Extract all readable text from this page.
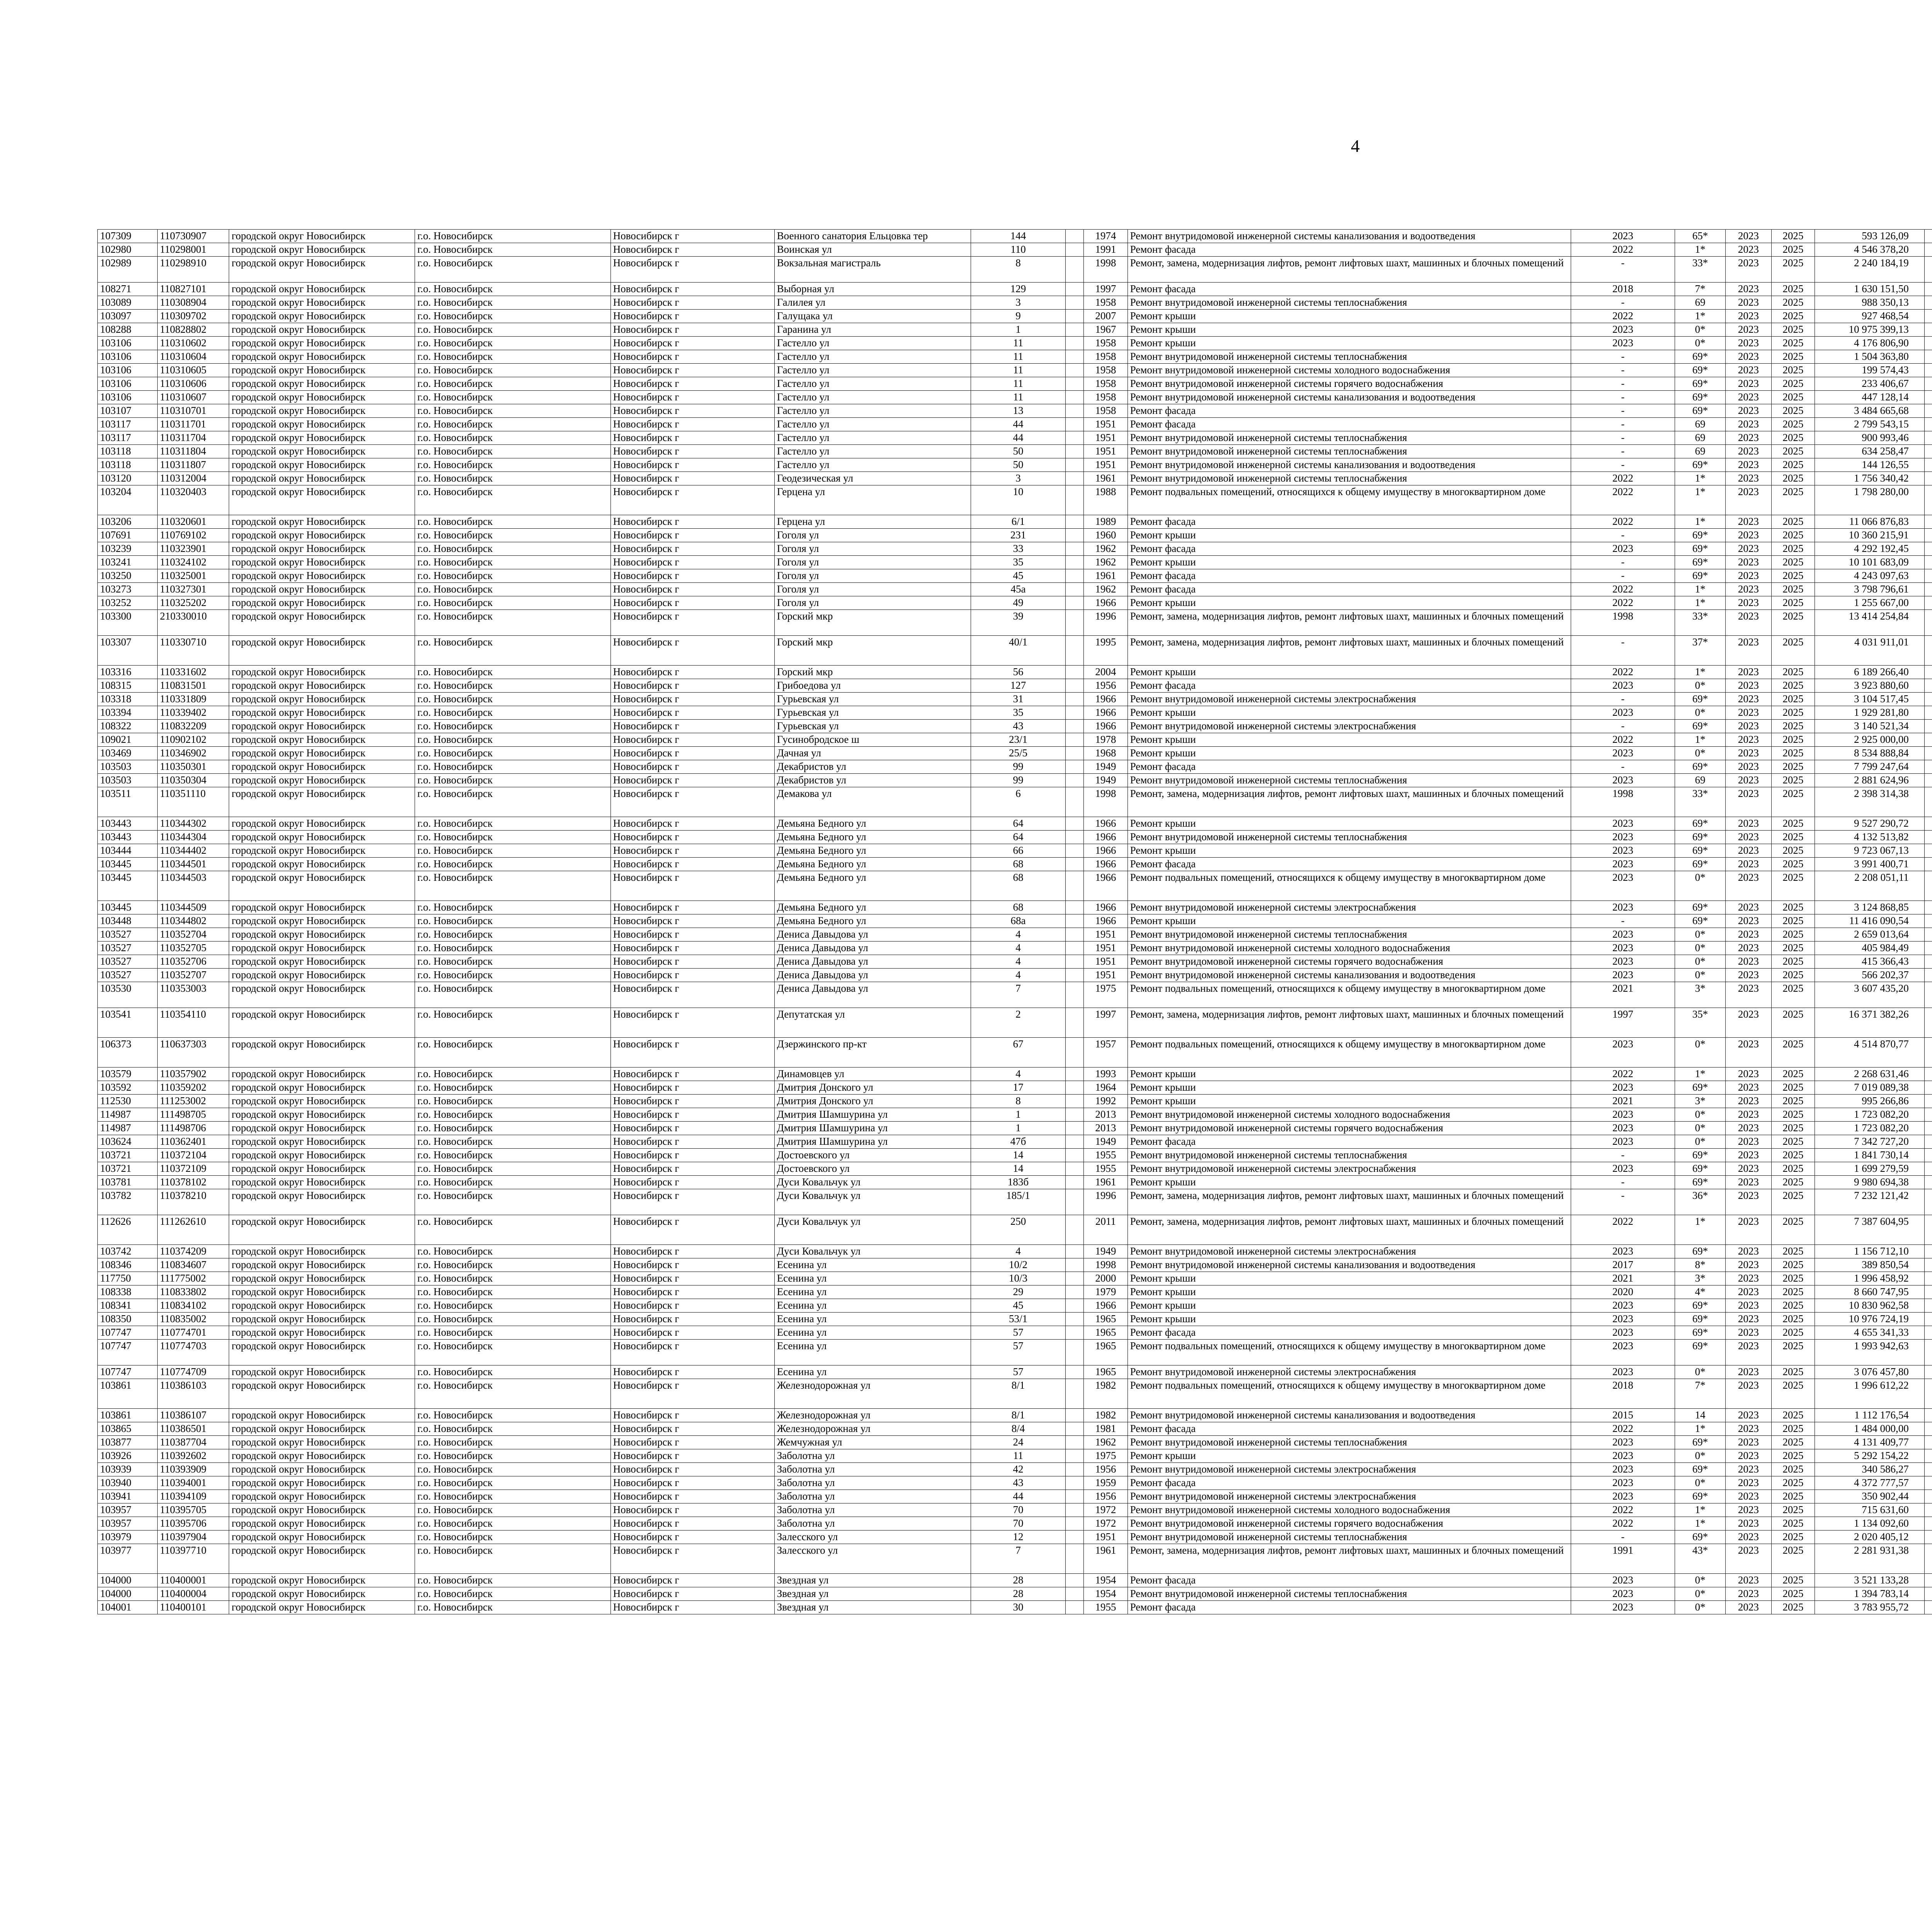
4
107309	110730907	городской округ Новосибирск	г.о. Новосибирск	Новосибирск г	Военного санатория Ельцовка тер	144		1974	Ремонт внутридомовой инженерной системы канализования и водоотведения	2023	65*	2023	2025	593 126,09					
102980	110298001	городской округ Новосибирск	г.о. Новосибирск	Новосибирск г	Воинская ул	110		1991	Ремонт фасада	2022	1*	2023	2025	4 546 378,20					
102989	110298910	городской округ Новосибирск	г.о. Новосибирск	Новосибирск г	Вокзальная магистраль	8		1998	Ремонт, замена, модернизация лифтов, ремонт лифтовых шахт, машинных и блочных помещений	-	33*	2023	2025	2 240 184,19					
108271	110827101	городской округ Новосибирск	г.о. Новосибирск	Новосибирск г	Выборная ул	129		1997	Ремонт фасада	2018	7*	2023	2025	1 630 151,50					
103089	110308904	городской округ Новосибирск	г.о. Новосибирск	Новосибирск г	Галилея ул	3		1958	Ремонт внутридомовой инженерной системы теплоснабжения	-	69	2023	2025	988 350,13					
103097	110309702	городской округ Новосибирск	г.о. Новосибирск	Новосибирск г	Галущака ул	9		2007	Ремонт крыши	2022	1*	2023	2025	927 468,54					
108288	110828802	городской округ Новосибирск	г.о. Новосибирск	Новосибирск г	Гаранина ул	1		1967	Ремонт крыши	2023	0*	2023	2025	10 975 399,13					
103106	110310602	городской округ Новосибирск	г.о. Новосибирск	Новосибирск г	Гастелло ул	11		1958	Ремонт крыши	2023	0*	2023	2025	4 176 806,90					
103106	110310604	городской округ Новосибирск	г.о. Новосибирск	Новосибирск г	Гастелло ул	11		1958	Ремонт внутридомовой инженерной системы теплоснабжения	-	69*	2023	2025	1 504 363,80					
103106	110310605	городской округ Новосибирск	г.о. Новосибирск	Новосибирск г	Гастелло ул	11		1958	Ремонт внутридомовой инженерной системы холодного водоснабжения	-	69*	2023	2025	199 574,43					
103106	110310606	городской округ Новосибирск	г.о. Новосибирск	Новосибирск г	Гастелло ул	11		1958	Ремонт внутридомовой инженерной системы горячего водоснабжения	-	69*	2023	2025	233 406,67					
103106	110310607	городской округ Новосибирск	г.о. Новосибирск	Новосибирск г	Гастелло ул	11		1958	Ремонт внутридомовой инженерной системы канализования и водоотведения	-	69*	2023	2025	447 128,14					
103107	110310701	городской округ Новосибирск	г.о. Новосибирск	Новосибирск г	Гастелло ул	13		1958	Ремонт фасада	-	69*	2023	2025	3 484 665,68					
103117	110311701	городской округ Новосибирск	г.о. Новосибирск	Новосибирск г	Гастелло ул	44		1951	Ремонт фасада	-	69	2023	2025	2 799 543,15					
103117	110311704	городской округ Новосибирск	г.о. Новосибирск	Новосибирск г	Гастелло ул	44		1951	Ремонт внутридомовой инженерной системы теплоснабжения	-	69	2023	2025	900 993,46					
103118	110311804	городской округ Новосибирск	г.о. Новосибирск	Новосибирск г	Гастелло ул	50		1951	Ремонт внутридомовой инженерной системы теплоснабжения	-	69	2023	2025	634 258,47					
103118	110311807	городской округ Новосибирск	г.о. Новосибирск	Новосибирск г	Гастелло ул	50		1951	Ремонт внутридомовой инженерной системы канализования и водоотведения	-	69*	2023	2025	144 126,55					
103120	110312004	городской округ Новосибирск	г.о. Новосибирск	Новосибирск г	Геодезическая ул	3		1961	Ремонт внутридомовой инженерной системы теплоснабжения	2022	1*	2023	2025	1 756 340,42					
103204	110320403	городской округ Новосибирск	г.о. Новосибирск	Новосибирск г	Герцена ул	10		1988	Ремонт подвальных помещений, относящихся к общему имуществу в многоквартирном доме	2022	1*	2023	2025	1 798 280,00					
103206	110320601	городской округ Новосибирск	г.о. Новосибирск	Новосибирск г	Герцена ул	6/1		1989	Ремонт фасада	2022	1*	2023	2025	11 066 876,83					
107691	110769102	городской округ Новосибирск	г.о. Новосибирск	Новосибирск г	Гоголя ул	231		1960	Ремонт крыши	-	69*	2023	2025	10 360 215,91					
103239	110323901	городской округ Новосибирск	г.о. Новосибирск	Новосибирск г	Гоголя ул	33		1962	Ремонт фасада	2023	69*	2023	2025	4 292 192,45					
103241	110324102	городской округ Новосибирск	г.о. Новосибирск	Новосибирск г	Гоголя ул	35		1962	Ремонт крыши	-	69*	2023	2025	10 101 683,09					
103250	110325001	городской округ Новосибирск	г.о. Новосибирск	Новосибирск г	Гоголя ул	45		1961	Ремонт фасада	-	69*	2023	2025	4 243 097,63					
103273	110327301	городской округ Новосибирск	г.о. Новосибирск	Новосибирск г	Гоголя ул	45а		1962	Ремонт фасада	2022	1*	2023	2025	3 798 796,61					
103252	110325202	городской округ Новосибирск	г.о. Новосибирск	Новосибирск г	Гоголя ул	49		1966	Ремонт крыши	2022	1*	2023	2025	1 255 667,00					
103300	210330010	городской округ Новосибирск	г.о. Новосибирск	Новосибирск г	Горский мкр	39		1996	Ремонт, замена, модернизация лифтов, ремонт лифтовых шахт, машинных и блочных помещений	1998	33*	2023	2025	13 414 254,84					
103307	110330710	городской округ Новосибирск	г.о. Новосибирск	Новосибирск г	Горский мкр	40/1		1995	Ремонт, замена, модернизация лифтов, ремонт лифтовых шахт, машинных и блочных помещений	-	37*	2023	2025	4 031 911,01					
103316	110331602	городской округ Новосибирск	г.о. Новосибирск	Новосибирск г	Горский мкр	56		2004	Ремонт крыши	2022	1*	2023	2025	6 189 266,40					
108315	110831501	городской округ Новосибирск	г.о. Новосибирск	Новосибирск г	Грибоедова ул	127		1956	Ремонт фасада	2023	0*	2023	2025	3 923 880,60					
103318	110331809	городской округ Новосибирск	г.о. Новосибирск	Новосибирск г	Гурьевская ул	31		1966	Ремонт внутридомовой инженерной системы электроснабжения	-	69*	2023	2025	3 104 517,45					
103394	110339402	городской округ Новосибирск	г.о. Новосибирск	Новосибирск г	Гурьевская ул	35		1966	Ремонт крыши	2023	0*	2023	2025	1 929 281,80					
108322	110832209	городской округ Новосибирск	г.о. Новосибирск	Новосибирск г	Гурьевская ул	43		1966	Ремонт внутридомовой инженерной системы электроснабжения	-	69*	2023	2025	3 140 521,34					
109021	110902102	городской округ Новосибирск	г.о. Новосибирск	Новосибирск г	Гусинобродское ш	23/1		1978	Ремонт крыши	2022	1*	2023	2025	2 925 000,00					
103469	110346902	городской округ Новосибирск	г.о. Новосибирск	Новосибирск г	Дачная ул	25/5		1968	Ремонт крыши	2023	0*	2023	2025	8 534 888,84					
103503	110350301	городской округ Новосибирск	г.о. Новосибирск	Новосибирск г	Декабристов ул	99		1949	Ремонт фасада	-	69*	2023	2025	7 799 247,64					
103503	110350304	городской округ Новосибирск	г.о. Новосибирск	Новосибирск г	Декабристов ул	99		1949	Ремонт внутридомовой инженерной системы теплоснабжения	2023	69	2023	2025	2 881 624,96					
103511	110351110	городской округ Новосибирск	г.о. Новосибирск	Новосибирск г	Демакова ул	6		1998	Ремонт, замена, модернизация лифтов, ремонт лифтовых шахт, машинных и блочных помещений	1998	33*	2023	2025	2 398 314,38					
103443	110344302	городской округ Новосибирск	г.о. Новосибирск	Новосибирск г	Демьяна Бедного ул	64		1966	Ремонт крыши	2023	69*	2023	2025	9 527 290,72					
103443	110344304	городской округ Новосибирск	г.о. Новосибирск	Новосибирск г	Демьяна Бедного ул	64		1966	Ремонт внутридомовой инженерной системы теплоснабжения	2023	69*	2023	2025	4 132 513,82					
103444	110344402	городской округ Новосибирск	г.о. Новосибирск	Новосибирск г	Демьяна Бедного ул	66		1966	Ремонт крыши	2023	69*	2023	2025	9 723 067,13					
103445	110344501	городской округ Новосибирск	г.о. Новосибирск	Новосибирск г	Демьяна Бедного ул	68		1966	Ремонт фасада	2023	69*	2023	2025	3 991 400,71					
103445	110344503	городской округ Новосибирск	г.о. Новосибирск	Новосибирск г	Демьяна Бедного ул	68		1966	Ремонт подвальных помещений, относящихся к общему имуществу в многоквартирном доме	2023	0*	2023	2025	2 208 051,11					
103445	110344509	городской округ Новосибирск	г.о. Новосибирск	Новосибирск г	Демьяна Бедного ул	68		1966	Ремонт внутридомовой инженерной системы электроснабжения	2023	69*	2023	2025	3 124 868,85					
103448	110344802	городской округ Новосибирск	г.о. Новосибирск	Новосибирск г	Демьяна Бедного ул	68а		1966	Ремонт крыши	-	69*	2023	2025	11 416 090,54					
103527	110352704	городской округ Новосибирск	г.о. Новосибирск	Новосибирск г	Дениса Давыдова ул	4		1951	Ремонт внутридомовой инженерной системы теплоснабжения	2023	0*	2023	2025	2 659 013,64					
103527	110352705	городской округ Новосибирск	г.о. Новосибирск	Новосибирск г	Дениса Давыдова ул	4		1951	Ремонт внутридомовой инженерной системы холодного водоснабжения	2023	0*	2023	2025	405 984,49					
103527	110352706	городской округ Новосибирск	г.о. Новосибирск	Новосибирск г	Дениса Давыдова ул	4		1951	Ремонт внутридомовой инженерной системы горячего водоснабжения	2023	0*	2023	2025	415 366,43					
103527	110352707	городской округ Новосибирск	г.о. Новосибирск	Новосибирск г	Дениса Давыдова ул	4		1951	Ремонт внутридомовой инженерной системы канализования и водоотведения	2023	0*	2023	2025	566 202,37					
103530	110353003	городской округ Новосибирск	г.о. Новосибирск	Новосибирск г	Дениса Давыдова ул	7		1975	Ремонт подвальных помещений, относящихся к общему имуществу в многоквартирном доме	2021	3*	2023	2025	3 607 435,20					
103541	110354110	городской округ Новосибирск	г.о. Новосибирск	Новосибирск г	Депутатская ул	2		1997	Ремонт, замена, модернизация лифтов, ремонт лифтовых шахт, машинных и блочных помещений	1997	35*	2023	2025	16 371 382,26					
106373	110637303	городской округ Новосибирск	г.о. Новосибирск	Новосибирск г	Дзержинского пр-кт	67		1957	Ремонт подвальных помещений, относящихся к общему имуществу в многоквартирном доме	2023	0*	2023	2025	4 514 870,77					
103579	110357902	городской округ Новосибирск	г.о. Новосибирск	Новосибирск г	Динамовцев ул	4		1993	Ремонт крыши	2022	1*	2023	2025	2 268 631,46					
103592	110359202	городской округ Новосибирск	г.о. Новосибирск	Новосибирск г	Дмитрия Донского ул	17		1964	Ремонт крыши	2023	69*	2023	2025	7 019 089,38					
112530	111253002	городской округ Новосибирск	г.о. Новосибирск	Новосибирск г	Дмитрия Донского ул	8		1992	Ремонт крыши	2021	3*	2023	2025	995 266,86					
114987	111498705	городской округ Новосибирск	г.о. Новосибирск	Новосибирск г	Дмитрия Шамшурина ул	1		2013	Ремонт внутридомовой инженерной системы холодного водоснабжения	2023	0*	2023	2025	1 723 082,20					
114987	111498706	городской округ Новосибирск	г.о. Новосибирск	Новосибирск г	Дмитрия Шамшурина ул	1		2013	Ремонт внутридомовой инженерной системы горячего водоснабжения	2023	0*	2023	2025	1 723 082,20					
103624	110362401	городской округ Новосибирск	г.о. Новосибирск	Новосибирск г	Дмитрия Шамшурина ул	47б		1949	Ремонт фасада	2023	0*	2023	2025	7 342 727,20					
103721	110372104	городской округ Новосибирск	г.о. Новосибирск	Новосибирск г	Достоевского ул	14		1955	Ремонт внутридомовой инженерной системы теплоснабжения	-	69*	2023	2025	1 841 730,14					
103721	110372109	городской округ Новосибирск	г.о. Новосибирск	Новосибирск г	Достоевского ул	14		1955	Ремонт внутридомовой инженерной системы электроснабжения	2023	69*	2023	2025	1 699 279,59					
103781	110378102	городской округ Новосибирск	г.о. Новосибирск	Новосибирск г	Дуси Ковальчук ул	183б		1961	Ремонт крыши	-	69*	2023	2025	9 980 694,38					
103782	110378210	городской округ Новосибирск	г.о. Новосибирск	Новосибирск г	Дуси Ковальчук ул	185/1		1996	Ремонт, замена, модернизация лифтов, ремонт лифтовых шахт, машинных и блочных помещений	-	36*	2023	2025	7 232 121,42					
112626	111262610	городской округ Новосибирск	г.о. Новосибирск	Новосибирск г	Дуси Ковальчук ул	250		2011	Ремонт, замена, модернизация лифтов, ремонт лифтовых шахт, машинных и блочных помещений	2022	1*	2023	2025	7 387 604,95					
103742	110374209	городской округ Новосибирск	г.о. Новосибирск	Новосибирск г	Дуси Ковальчук ул	4		1949	Ремонт внутридомовой инженерной системы электроснабжения	2023	69*	2023	2025	1 156 712,10					
108346	110834607	городской округ Новосибирск	г.о. Новосибирск	Новосибирск г	Есенина ул	10/2		1998	Ремонт внутридомовой инженерной системы канализования и водоотведения	2017	8*	2023	2025	389 850,54					
117750	111775002	городской округ Новосибирск	г.о. Новосибирск	Новосибирск г	Есенина ул	10/3		2000	Ремонт крыши	2021	3*	2023	2025	1 996 458,92					
108338	110833802	городской округ Новосибирск	г.о. Новосибирск	Новосибирск г	Есенина ул	29		1979	Ремонт крыши	2020	4*	2023	2025	8 660 747,95					
108341	110834102	городской округ Новосибирск	г.о. Новосибирск	Новосибирск г	Есенина ул	45		1966	Ремонт крыши	2023	69*	2023	2025	10 830 962,58					
108350	110835002	городской округ Новосибирск	г.о. Новосибирск	Новосибирск г	Есенина ул	53/1		1965	Ремонт крыши	2023	69*	2023	2025	10 976 724,19					
107747	110774701	городской округ Новосибирск	г.о. Новосибирск	Новосибирск г	Есенина ул	57		1965	Ремонт фасада	2023	69*	2023	2025	4 655 341,33					
107747	110774703	городской округ Новосибирск	г.о. Новосибирск	Новосибирск г	Есенина ул	57		1965	Ремонт подвальных помещений, относящихся к общему имуществу в многоквартирном доме	2023	69*	2023	2025	1 993 942,63					
107747	110774709	городской округ Новосибирск	г.о. Новосибирск	Новосибирск г	Есенина ул	57		1965	Ремонт внутридомовой инженерной системы электроснабжения	2023	0*	2023	2025	3 076 457,80					
103861	110386103	городской округ Новосибирск	г.о. Новосибирск	Новосибирск г	Железнодорожная ул	8/1		1982	Ремонт подвальных помещений, относящихся к общему имуществу в многоквартирном доме	2018	7*	2023	2025	1 996 612,22					
103861	110386107	городской округ Новосибирск	г.о. Новосибирск	Новосибирск г	Железнодорожная ул	8/1		1982	Ремонт внутридомовой инженерной системы канализования и водоотведения	2015	14	2023	2025	1 112 176,54					
103865	110386501	городской округ Новосибирск	г.о. Новосибирск	Новосибирск г	Железнодорожная ул	8/4		1981	Ремонт фасада	2022	1*	2023	2025	1 484 000,00					
103877	110387704	городской округ Новосибирск	г.о. Новосибирск	Новосибирск г	Жемчужная ул	24		1962	Ремонт внутридомовой инженерной системы теплоснабжения	2023	69*	2023	2025	4 131 409,77					
103926	110392602	городской округ Новосибирск	г.о. Новосибирск	Новосибирск г	Заболотна ул	11		1975	Ремонт крыши	2023	0*	2023	2025	5 292 154,22					
103939	110393909	городской округ Новосибирск	г.о. Новосибирск	Новосибирск г	Заболотна ул	42		1956	Ремонт внутридомовой инженерной системы электроснабжения	2023	69*	2023	2025	340 586,27					
103940	110394001	городской округ Новосибирск	г.о. Новосибирск	Новосибирск г	Заболотна ул	43		1959	Ремонт фасада	2023	0*	2023	2025	4 372 777,57					
103941	110394109	городской округ Новосибирск	г.о. Новосибирск	Новосибирск г	Заболотна ул	44		1956	Ремонт внутридомовой инженерной системы электроснабжения	2023	69*	2023	2025	350 902,44					
103957	110395705	городской округ Новосибирск	г.о. Новосибирск	Новосибирск г	Заболотна ул	70		1972	Ремонт внутридомовой инженерной системы холодного водоснабжения	2022	1*	2023	2025	715 631,60					
103957	110395706	городской округ Новосибирск	г.о. Новосибирск	Новосибирск г	Заболотна ул	70		1972	Ремонт внутридомовой инженерной системы горячего водоснабжения	2022	1*	2023	2025	1 134 092,60					
103979	110397904	городской округ Новосибирск	г.о. Новосибирск	Новосибирск г	Залесского ул	12		1951	Ремонт внутридомовой инженерной системы теплоснабжения	-	69*	2023	2025	2 020 405,12					
103977	110397710	городской округ Новосибирск	г.о. Новосибирск	Новосибирск г	Залесского ул	7		1961	Ремонт, замена, модернизация лифтов, ремонт лифтовых шахт, машинных и блочных помещений	1991	43*	2023	2025	2 281 931,38					
104000	110400001	городской округ Новосибирск	г.о. Новосибирск	Новосибирск г	Звездная ул	28		1954	Ремонт фасада	2023	0*	2023	2025	3 521 133,28					
104000	110400004	городской округ Новосибирск	г.о. Новосибирск	Новосибирск г	Звездная ул	28		1954	Ремонт внутридомовой инженерной системы теплоснабжения	2023	0*	2023	2025	1 394 783,14					
104001	110400101	городской округ Новосибирск	г.о. Новосибирск	Новосибирск г	Звездная ул	30		1955	Ремонт фасада	2023	0*	2023	2025	3 783 955,72					
